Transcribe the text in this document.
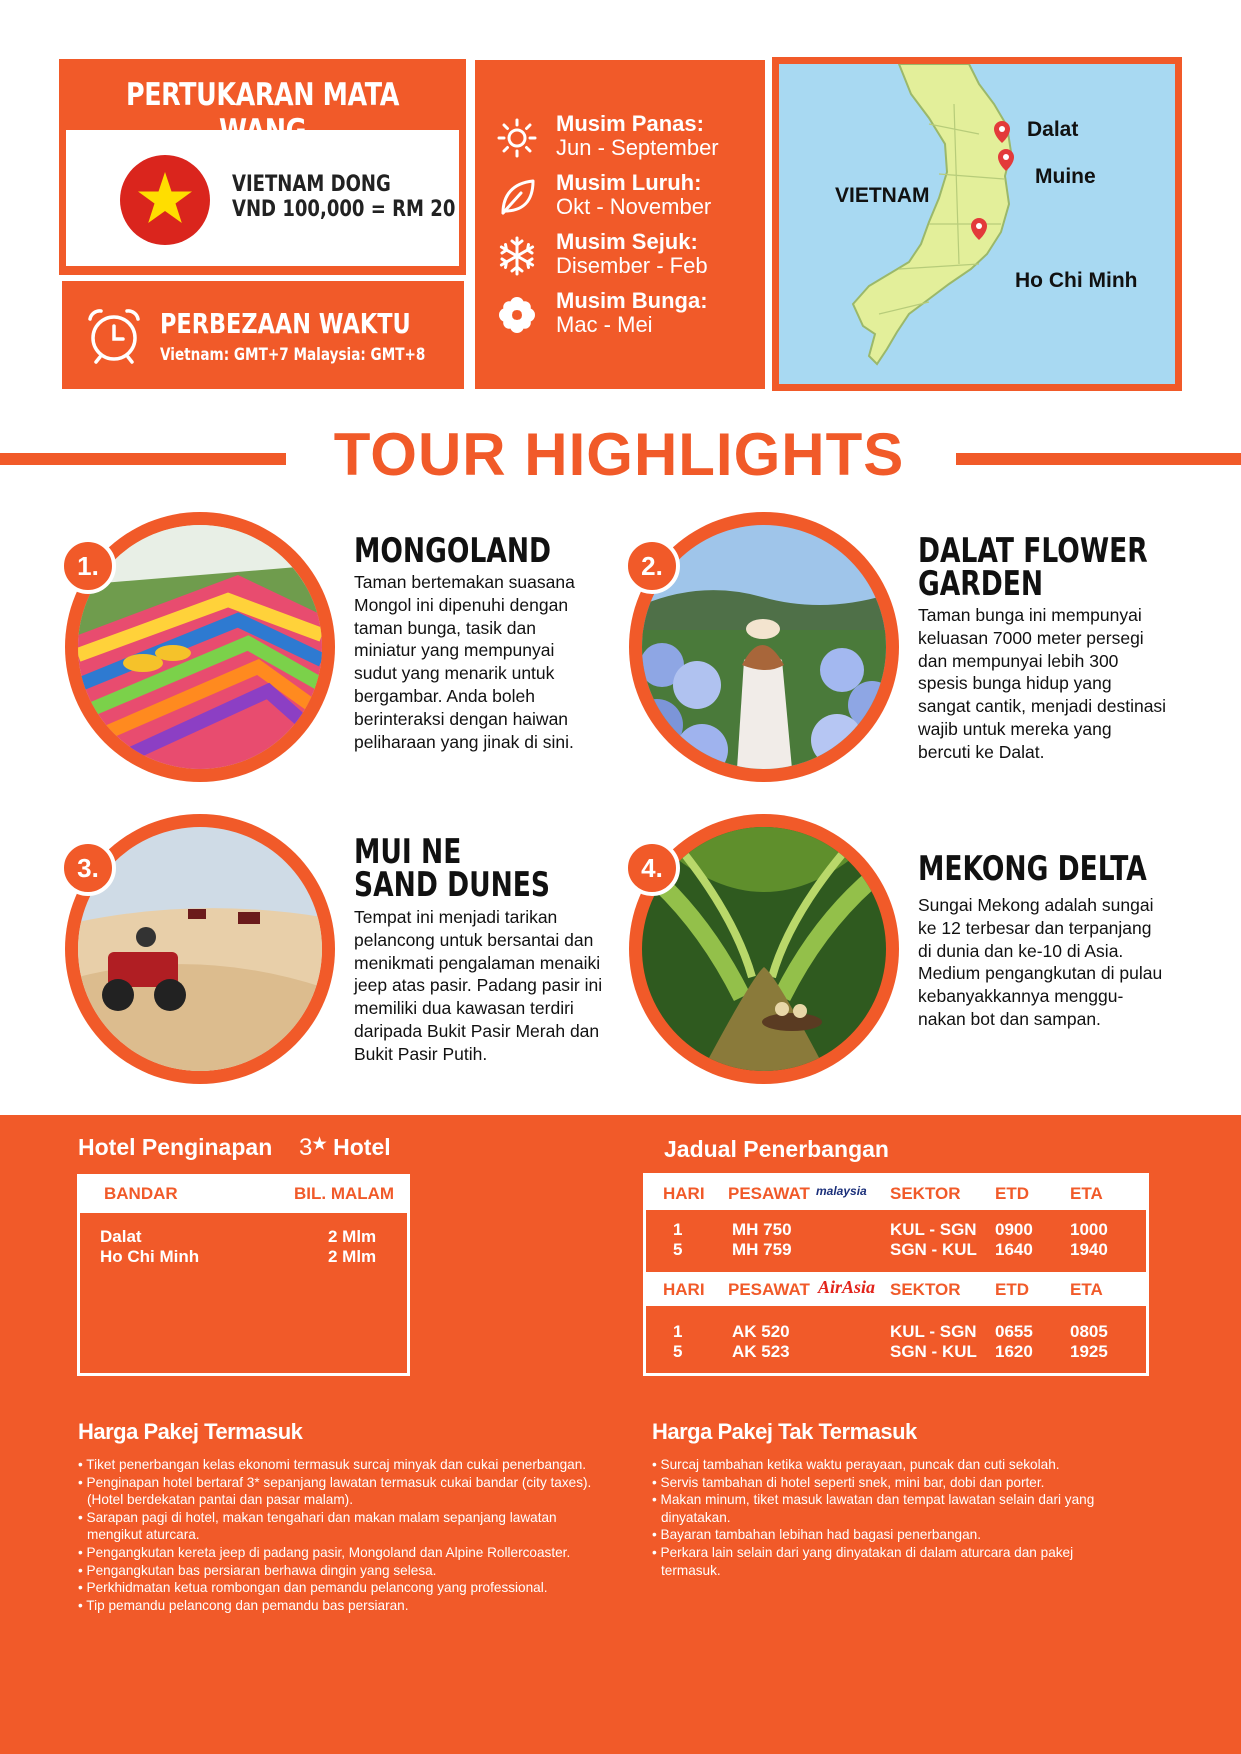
PERTUKARAN MATA
VIETNAM DONG
VND 100,000 = RM 20
PERBEZAAN WAKTU
Vietnam: GMT+7 Malaysia: GMT+8
Musim Panas:
Jun - September
Musim Luruh:
Okt - November
Musim Sejuk:
Disember - Feb
Musim Bunga:
Mac - Mei
VIETNAM
Dalat
Muine
Ho Chi Minh
TOUR HIGHLIGHTS
1.	MONGOLAND
Taman bertemakan suasana Mongol ini dipenuhi dengan taman bunga, tasik dan miniatur yang mempunyai sudut yang menarik untuk bergambar. Anda boleh berinteraksi dengan haiwan peliharaan yang jinak di sini.
2.	DALAT FLOWER
GARDEN
Taman bunga ini mempunyai keluasan 7000 meter persegi dan mempunyai lebih 300 spesis bunga hidup yang sangat cantik, menjadi destinasi wajib untuk mereka yang bercuti ke Dalat.
3.	MUI NE
SAND DUNES
Tempat ini menjadi tarikan pelancong untuk bersantai dan menikmati pengalaman menaiki jeep atas pasir. Padang pasir ini memiliki dua kawasan terdiri daripada Bukit Pasir Merah dan Bukit Pasir Putih.
4.	MEKONG DELTA
Sungai Mekong adalah sungai ke 12 terbesar dan terpanjang di dunia dan ke-10 di Asia. Medium pengangkutan di pulau kebanyakkannya menggu-nakan bot dan sampan.
Hotel Penginapan 3★ Hotel
BANDAR	BIL. MALAM
Dalat	2 Mlm
Ho Chi Minh	2 Mlm
Jadual Penerbangan
HARI PESAWAT malaysia SEKTOR ETD ETA
1	MH 750	KUL - SGN 0900 1000
5	MH 759	SGN - KUL 1640 1940
HARI PESAWAT AirAsia SEKTOR ETD ETA
1	AK 520	KUL - SGN 0655 0805
5	AK 523	SGN - KUL 1620 1925
Harga Pakej Termasuk
• Tiket penerbangan kelas ekonomi termasuk surcaj minyak dan cukai penerbangan.
• Penginapan hotel bertaraf 3* sepanjang lawatan termasuk cukai bandar (city taxes). (Hotel berdekatan pantai dan pasar malam).
• Sarapan pagi di hotel, makan tengahari dan makan malam sepanjang lawatan mengikut aturcara.
• Pengangkutan kereta jeep di padang pasir, Mongoland dan Alpine Rollercoaster.
• Pengangkutan bas persiaran berhawa dingin yang selesa.
• Perkhidmatan ketua rombongan dan pemandu pelancong yang professional.
• Tip pemandu pelancong dan pemandu bas persiaran.
Harga Pakej Tak Termasuk
• Surcaj tambahan ketika waktu perayaan, puncak dan cuti sekolah.
• Servis tambahan di hotel seperti snek, mini bar, dobi dan porter.
• Makan minum, tiket masuk lawatan dan tempat lawatan selain dari yang dinyatakan.
• Bayaran tambahan lebihan had bagasi penerbangan.
• Perkara lain selain dari yang dinyatakan di dalam aturcara dan pakej termasuk.
